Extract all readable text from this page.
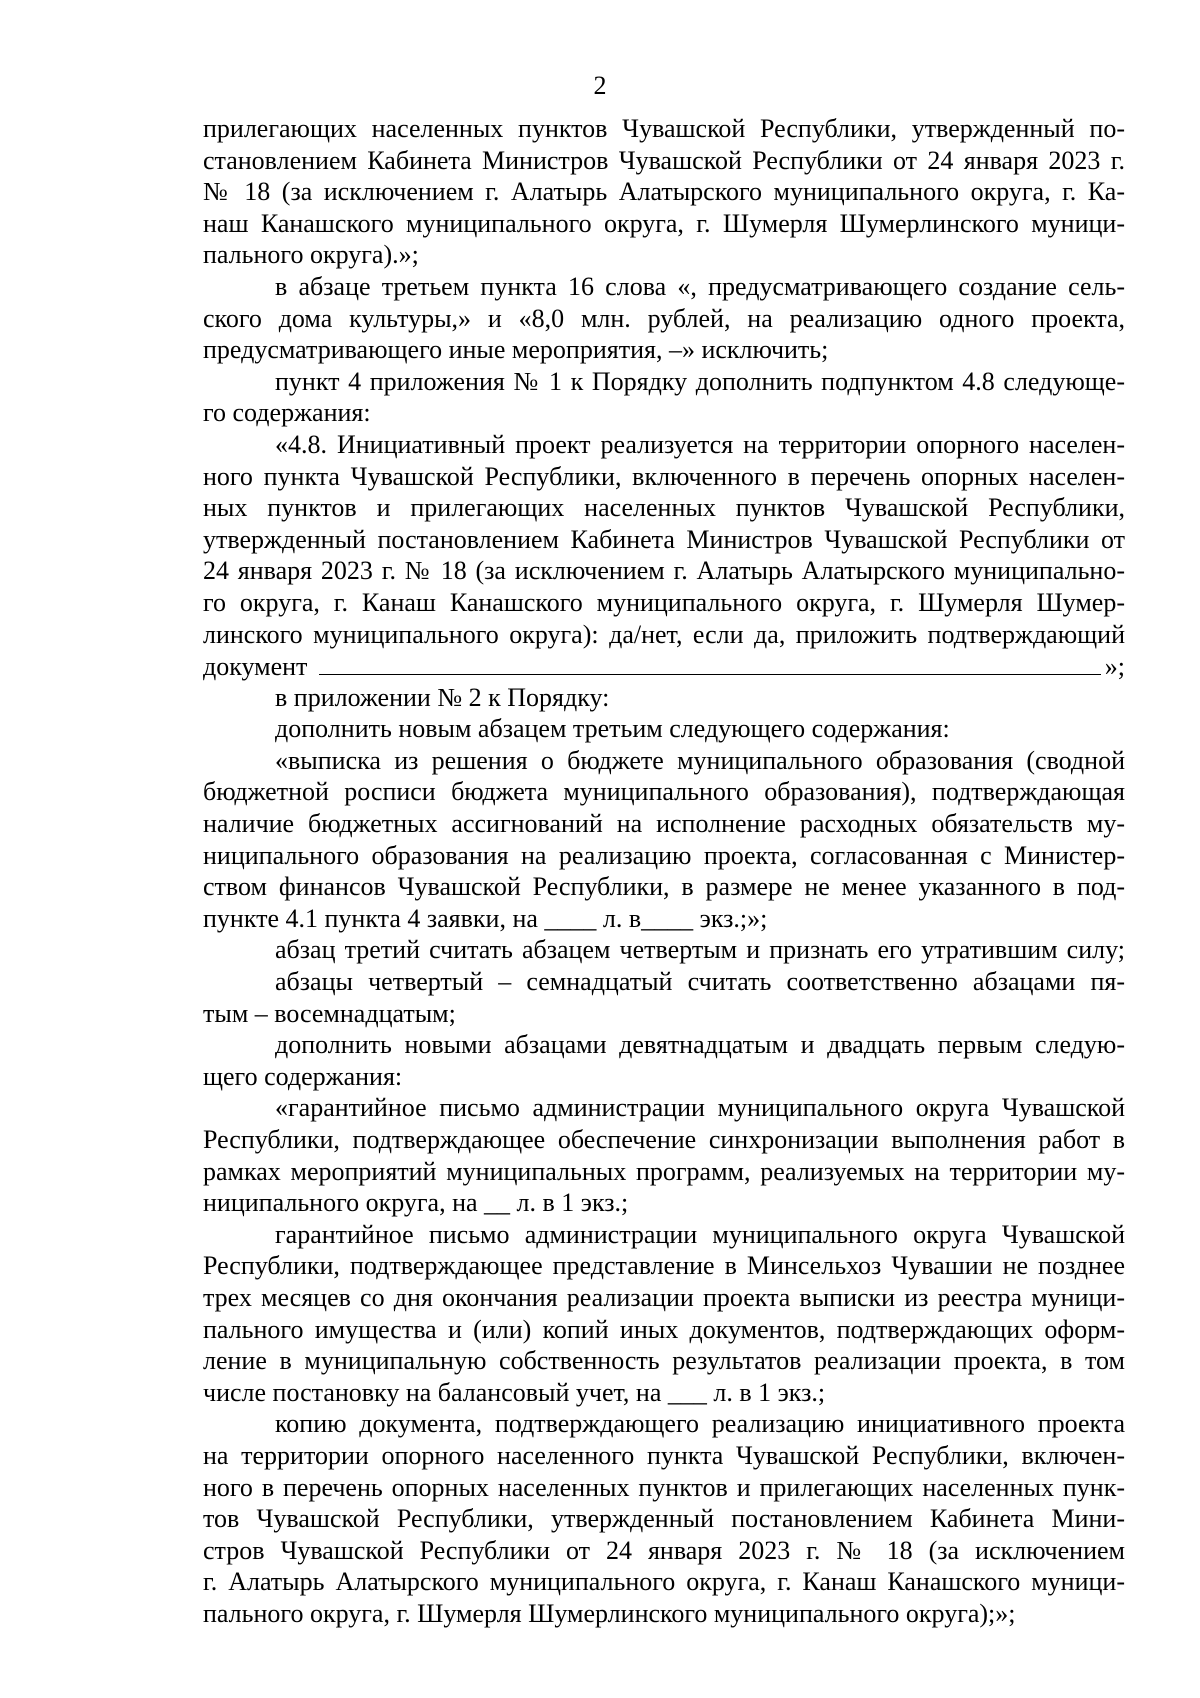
2
прилегающих населенных пунктов Чувашской Республики, утвержденный по-
становлением Кабинета Министров Чувашской Республики от 24 января 2023 г.
№ 18 (за исключением г. Алатырь Алатырского муниципального округа, г. Ка-
наш Канашского муниципального округа, г. Шумерля Шумерлинского муници-
пального округа).»;
в абзаце третьем пункта 16 слова «, предусматривающего создание сель-
ского дома культуры,» и «8,0 млн. рублей, на реализацию одного проекта,
предусматривающего иные мероприятия, –» исключить;
пункт 4 приложения № 1 к Порядку дополнить подпунктом 4.8 следующе-
го содержания:
«4.8. Инициативный проект реализуется на территории опорного населен-
ного пункта Чувашской Республики, включенного в перечень опорных населен-
ных пунктов и прилегающих населенных пунктов Чувашской Республики,
утвержденный постановлением Кабинета Министров Чувашской Республики от
24 января 2023 г. № 18 (за исключением г. Алатырь Алатырского муниципально-
го округа, г. Канаш Канашского муниципального округа, г. Шумерля Шумер-
линского муниципального округа): да/нет, если да, приложить подтверждающий
документ	»;
в приложении № 2 к Порядку:
дополнить новым абзацем третьим следующего содержания:
«выписка из решения о бюджете муниципального образования (сводной
бюджетной росписи бюджета муниципального образования), подтверждающая
наличие бюджетных ассигнований на исполнение расходных обязательств му-
ниципального образования на реализацию проекта, согласованная с Министер-
ством финансов Чувашской Республики, в размере не менее указанного в под-
пункте 4.1 пункта 4 заявки, на ____ л. в____ экз.;»;
абзац третий считать абзацем четвертым и признать его утратившим силу;
абзацы четвертый – семнадцатый считать соответственно абзацами пя-
тым – восемнадцатым;
дополнить новыми абзацами девятнадцатым и двадцать первым следую-
щего содержания:
«гарантийное письмо администрации муниципального округа Чувашской
Республики, подтверждающее обеспечение синхронизации выполнения работ в
рамках мероприятий муниципальных программ, реализуемых на территории му-
ниципального округа, на __ л. в 1 экз.;
гарантийное письмо администрации муниципального округа Чувашской
Республики, подтверждающее представление в Минсельхоз Чувашии не позднее
трех месяцев со дня окончания реализации проекта выписки из реестра муници-
пального имущества и (или) копий иных документов, подтверждающих оформ-
ление в муниципальную собственность результатов реализации проекта, в том
числе постановку на балансовый учет, на ___ л. в 1 экз.;
копию документа, подтверждающего реализацию инициативного проекта
на территории опорного населенного пункта Чувашской Республики, включен-
ного в перечень опорных населенных пунктов и прилегающих населенных пунк-
тов Чувашской Республики, утвержденный постановлением Кабинета Мини-
стров Чувашской Республики от 24 января 2023 г. № 18 (за исключением
г. Алатырь Алатырского муниципального округа, г. Канаш Канашского муници-
пального округа, г. Шумерля Шумерлинского муниципального округа);»;
